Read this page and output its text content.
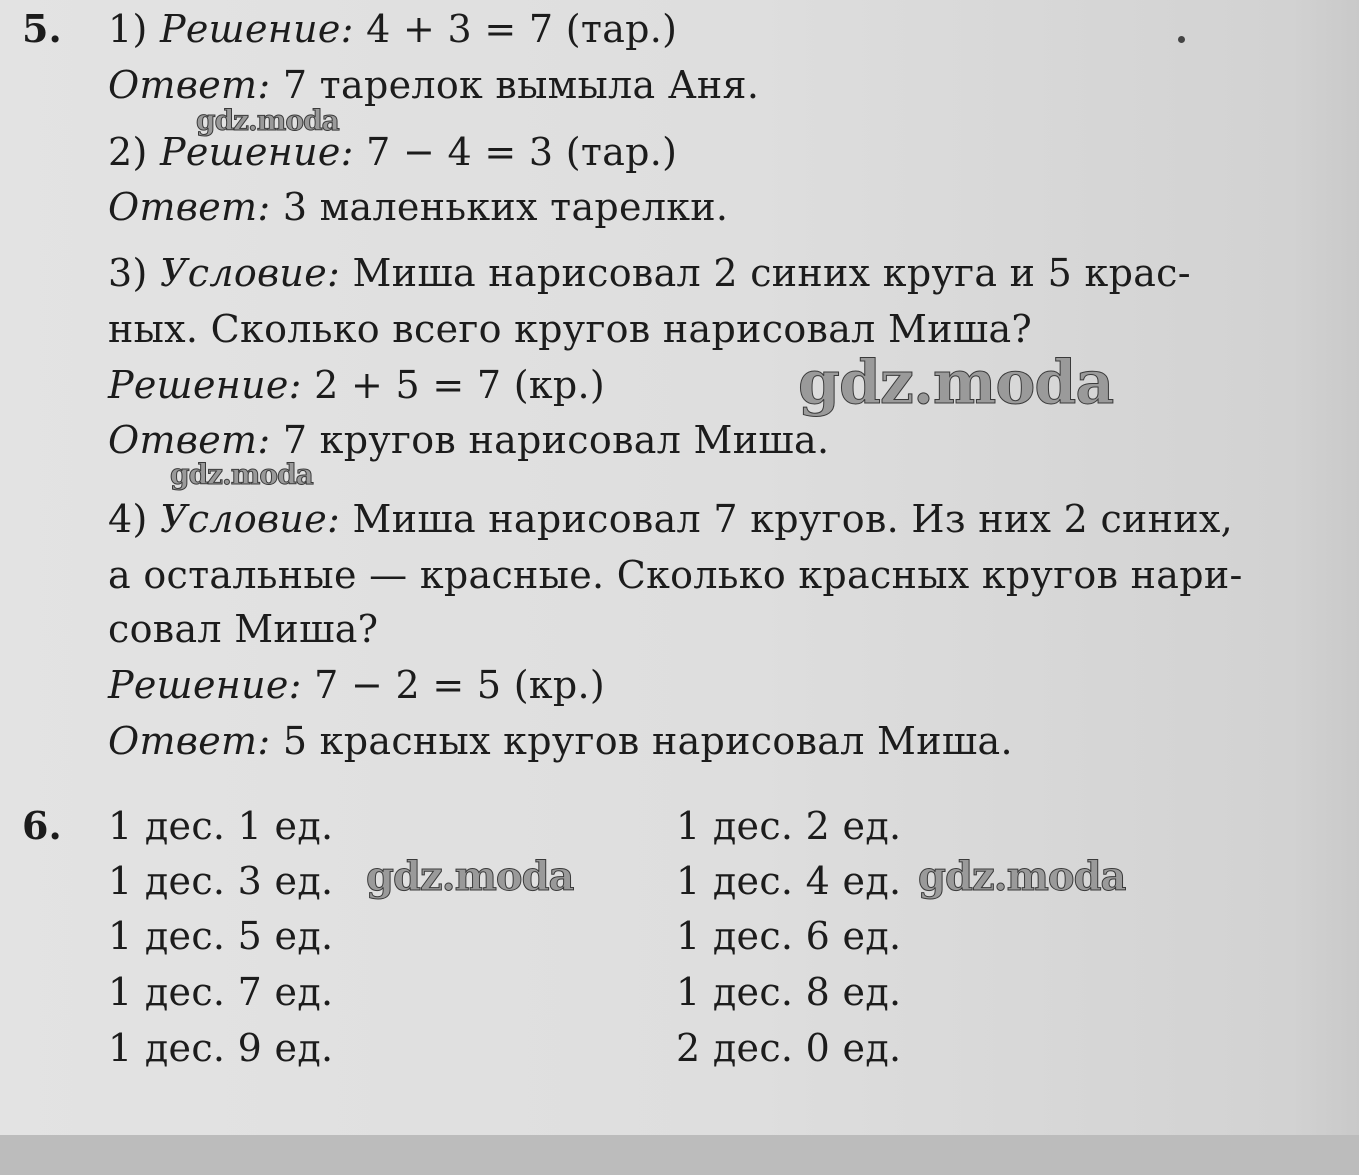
5. 1) Решение: 4 + 3 = 7 (тар.)
Ответ: 7 тарелок вымыла Аня.
2) Решение: 7 − 4 = 3 (тар.)
Ответ: 3 маленьких тарелки.
3) Условие: Миша нарисовал 2 синих круга и 5 крас-
ных. Сколько всего кругов нарисовал Миша?
Решение: 2 + 5 = 7 (кр.)
Ответ: 7 кругов нарисовал Миша.
4) Условие: Миша нарисовал 7 кругов. Из них 2 синих,
а остальные — красные. Сколько красных кругов нари-
совал Миша?
Решение: 7 − 2 = 5 (кр.)
Ответ: 5 красных кругов нарисовал Миша.
6. 1 дес. 1 ед.
1 дес. 3 ед.
1 дес. 5 ед.
1 дес. 7 ед.
1 дес. 9 ед.
1 дес. 2 ед.
1 дес. 4 ед.
1 дес. 6 ед.
1 дес. 8 ед.
2 дес. 0 ед.
gdz.moda
gdz.moda
gdz.moda
gdz.moda	gdz.moda
